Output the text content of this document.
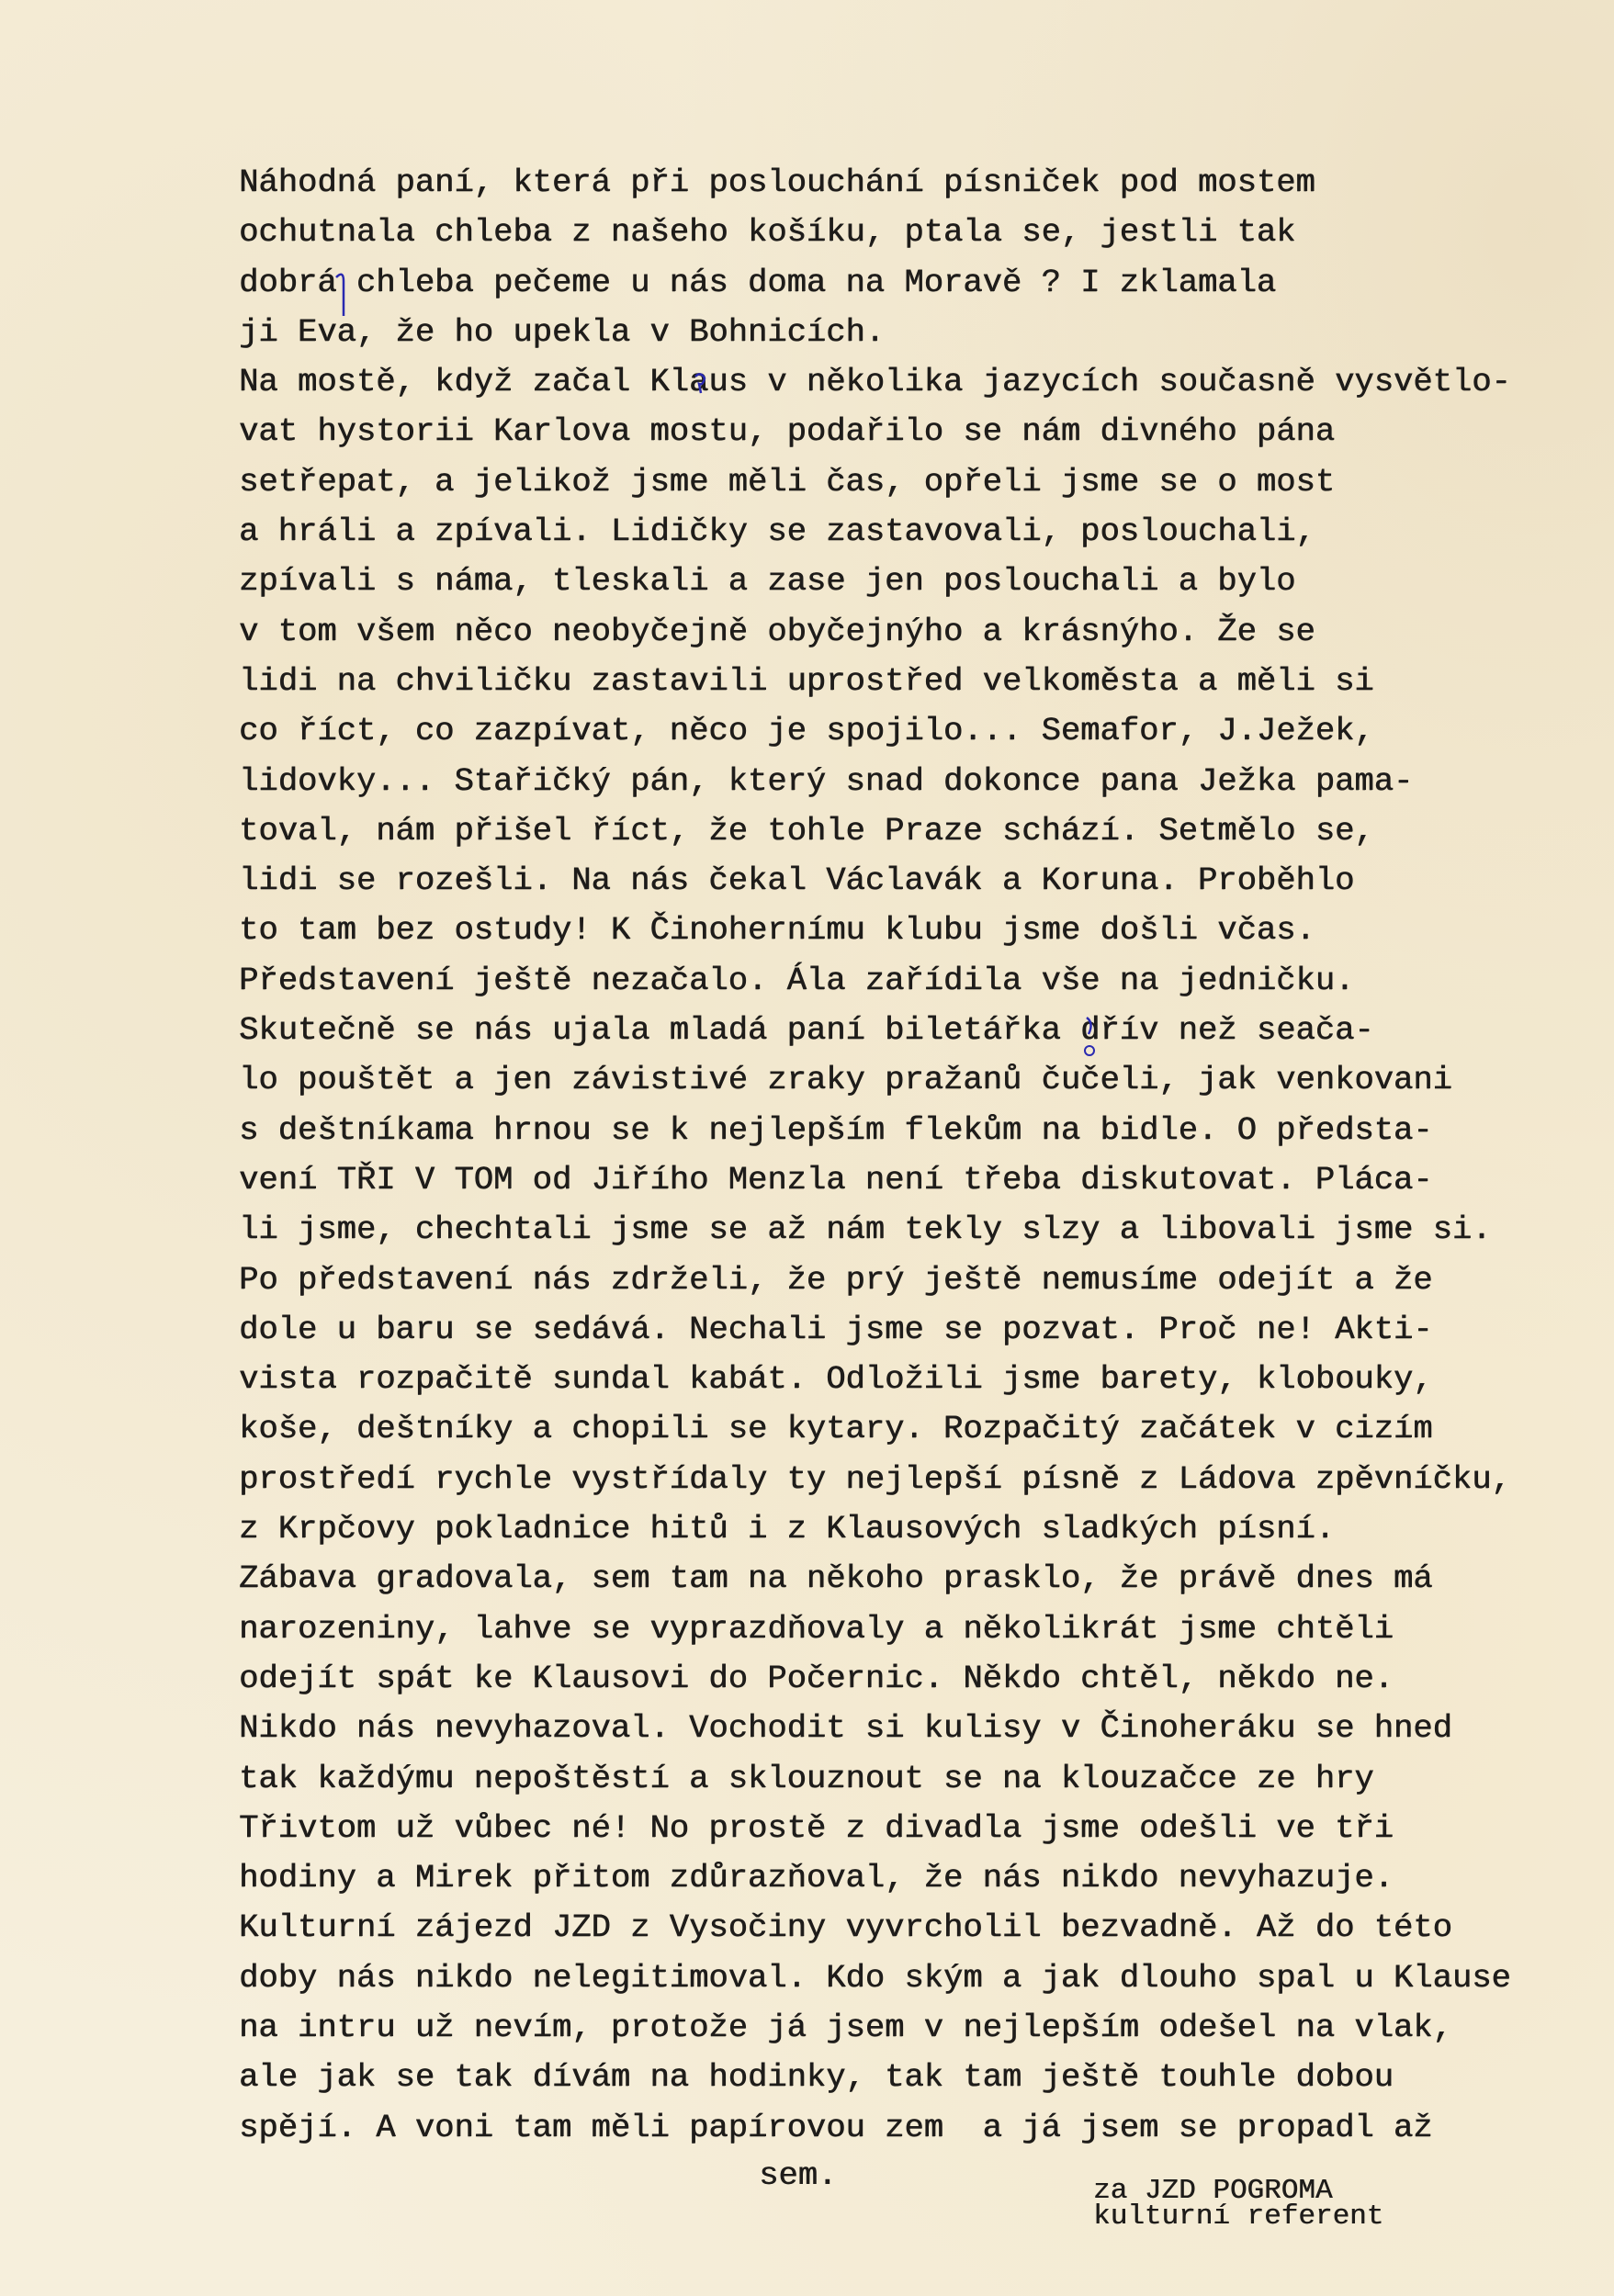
Náhodná paní, která při poslouchání písniček pod mostem
ochutnala chleba z našeho košíku, ptala se, jestli tak
dobrá chleba pečeme u nás doma na Moravě ? I zklamala
ji Eva, že ho upekla v Bohnicích.
Na mostě, když začal Klaus v několika jazycích současně vysvětlo-
vat hystorii Karlova mostu, podařilo se nám divného pána
setřepat, a jelikož jsme měli čas, opřeli jsme se o most
a hráli a zpívali. Lidičky se zastavovali, poslouchali,
zpívali s náma, tleskali a zase jen poslouchali a bylo
v tom všem něco neobyčejně obyčejnýho a krásnýho. Že se
lidi na chviličku zastavili uprostřed velkoměsta a měli si
co říct, co zazpívat, něco je spojilo... Semafor, J.Ježek,
lidovky... Stařičký pán, který snad dokonce pana Ježka pama-
toval, nám přišel říct, že tohle Praze schází. Setmělo se,
lidi se rozešli. Na nás čekal Václavák a Koruna. Proběhlo
to tam bez ostudy! K Činohernímu klubu jsme došli včas.
Představení ještě nezačalo. Ála zařídila vše na jedničku.
Skutečně se nás ujala mladá paní biletářka dřív než seača-
lo pouštět a jen závistivé zraky pražanů čučeli, jak venkovani
s deštníkama hrnou se k nejlepším flekům na bidle. O předsta-
vení TŘI V TOM od Jiřího Menzla není třeba diskutovat. Pláca-
li jsme, chechtali jsme se až nám tekly slzy a libovali jsme si.
Po představení nás zdrželi, že prý ještě nemusíme odejít a že
dole u baru se sedává. Nechali jsme se pozvat. Proč ne! Akti-
vista rozpačitě sundal kabát. Odložili jsme barety, klobouky,
koše, deštníky a chopili se kytary. Rozpačitý začátek v cizím
prostředí rychle vystřídaly ty nejlepší písně z Ládova zpěvníčku,
z Krpčovy pokladnice hitů i z Klausových sladkých písní.
Zábava gradovala, sem tam na někoho prasklo, že právě dnes má
narozeniny, lahve se vyprazdňovaly a několikrát jsme chtěli
odejít spát ke Klausovi do Počernic. Někdo chtěl, někdo ne.
Nikdo nás nevyhazoval. Vochodit si kulisy v Činoheráku se hned
tak každýmu nepoštěstí a sklouznout se na klouzačce ze hry
Třivtom už vůbec né! No prostě z divadla jsme odešli ve tři
hodiny a Mirek přitom zdůrazňoval, že nás nikdo nevyhazuje.
Kulturní zájezd JZD z Vysočiny vyvrcholil bezvadně. Až do této
doby nás nikdo nelegitimoval. Kdo ským a jak dlouho spal u Klause
na intru už nevím, protože já jsem v nejlepším odešel na vlak,
ale jak se tak dívám na hodinky, tak tam ještě touhle dobou
spějí. A voni tam měli papírovou zem  a já jsem se propadl až
sem.	za JZD POGROMA
kulturní referent
